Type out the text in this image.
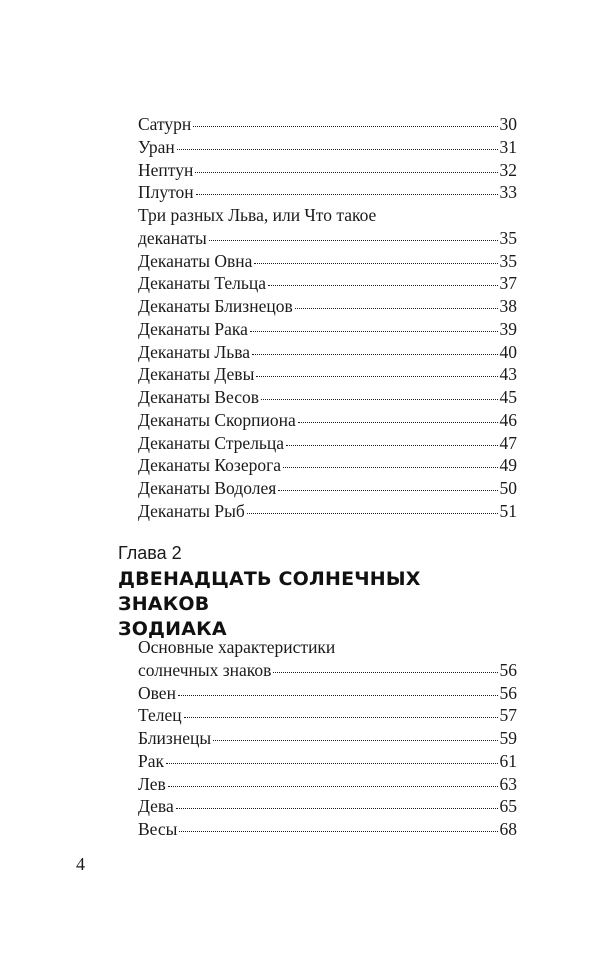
Сатурн	30
Уран	31
Нептун	32
Плутон	33
Три разных Льва, или Что такое
деканаты	35
Деканаты Овна	35
Деканаты Тельца	37
Деканаты Близнецов	38
Деканаты Рака	39
Деканаты Льва	40
Деканаты Девы	43
Деканаты Весов	45
Деканаты Скорпиона	46
Деканаты Стрельца	47
Деканаты Козерога	49
Деканаты Водолея	50
Деканаты Рыб	51
Глава 2
ДВЕНАДЦАТЬ СОЛНЕЧНЫХ ЗНАКОВ
ЗОДИАКА
Основные характеристики
солнечных знаков	56
Овен	56
Телец	57
Близнецы	59
Рак	61
Лев	63
Дева	65
Весы	68
4
